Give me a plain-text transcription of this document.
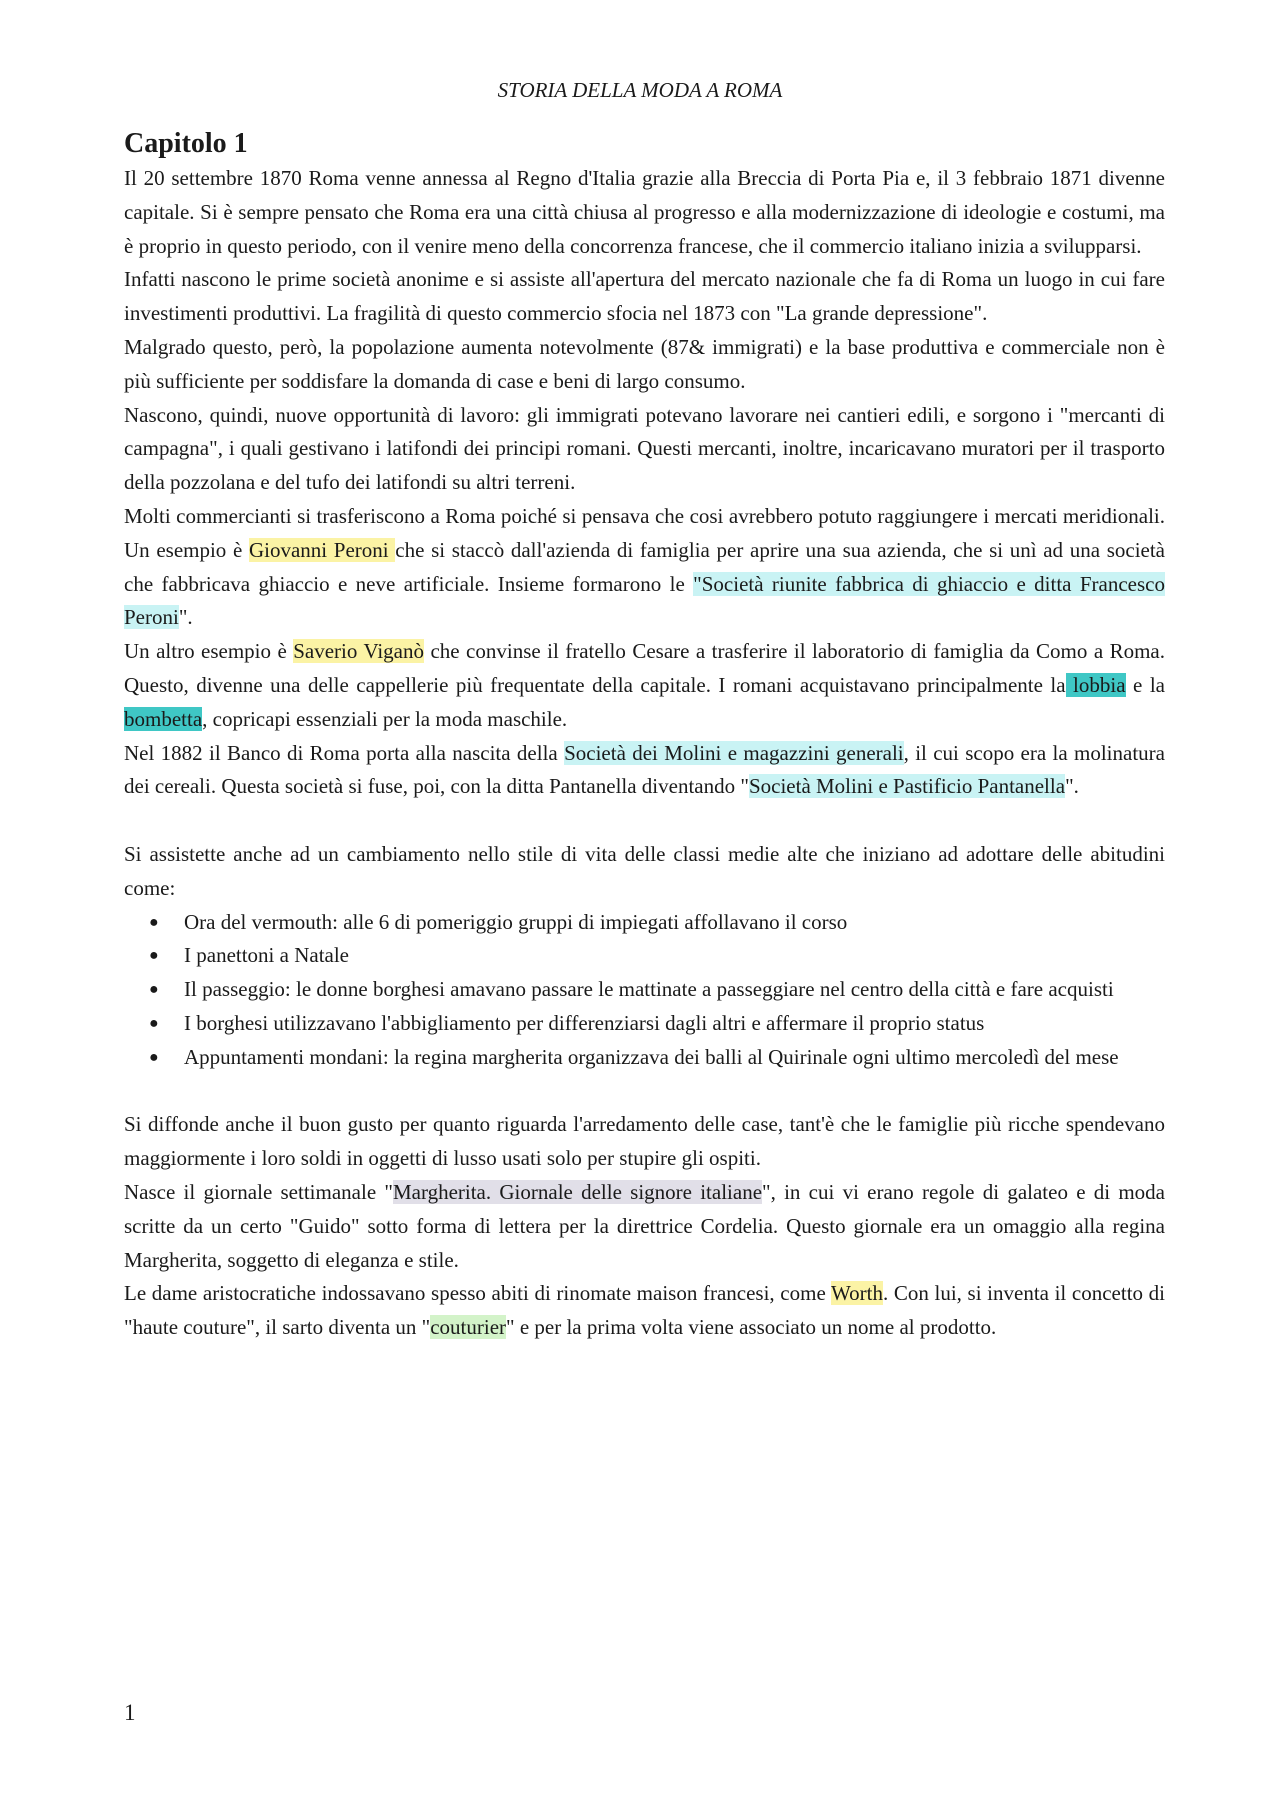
STORIA DELLA MODA A ROMA
Capitolo 1

Il 20 settembre 1870 Roma venne annessa al Regno d'Italia grazie alla Breccia di Porta Pia e, il 3 febbraio 1871 divenne capitale. Si è sempre pensato che Roma era una città chiusa al progresso e alla modernizzazione di ideologie e costumi, ma è proprio in questo periodo, con il venire meno della concorrenza francese, che il commercio italiano inizia a svilupparsi.

Infatti nascono le prime società anonime e si assiste all'apertura del mercato nazionale che fa di Roma un luogo in cui fare investimenti produttivi. La fragilità di questo commercio sfocia nel 1873 con "La grande depressione".

Malgrado questo, però, la popolazione aumenta notevolmente (87& immigrati) e la base produttiva e commerciale non è più sufficiente per soddisfare la domanda di case e beni di largo consumo.

Nascono, quindi, nuove opportunità di lavoro: gli immigrati potevano lavorare nei cantieri edili, e sorgono i "mercanti di campagna", i quali gestivano i latifondi dei principi romani. Questi mercanti, inoltre, incaricavano muratori per il trasporto della pozzolana e del tufo dei latifondi su altri terreni.

Molti commercianti si trasferiscono a Roma poiché si pensava che cosi avrebbero potuto raggiungere i mercati meridionali. Un esempio è Giovanni Peroni che si staccò dall'azienda di famiglia per aprire una sua azienda, che si unì ad una società che fabbricava ghiaccio e neve artificiale. Insieme formarono le "Società riunite fabbrica di ghiaccio e ditta Francesco Peroni".

Un altro esempio è Saverio Viganò che convinse il fratello Cesare a trasferire il laboratorio di famiglia da Como a Roma. Questo, divenne una delle cappellerie più frequentate della capitale. I romani acquistavano principalmente la lobbia e la bombetta, copricapi essenziali per la moda maschile.

Nel 1882 il Banco di Roma porta alla nascita della Società dei Molini e magazzini generali, il cui scopo era la molinatura dei cereali. Questa società si fuse, poi, con la ditta Pantanella diventando "Società Molini e Pastificio Pantanella".

Si assistette anche ad un cambiamento nello stile di vita delle classi medie alte che iniziano ad adottare delle abitudini come:

● Ora del vermouth: alle 6 di pomeriggio gruppi di impiegati affollavano il corso
● I panettoni a Natale
● Il passeggio: le donne borghesi amavano passare le mattinate a passeggiare nel centro della città e fare acquisti
● I borghesi utilizzavano l'abbigliamento per differenziarsi dagli altri e affermare il proprio status
● Appuntamenti mondani: la regina margherita organizzava dei balli al Quirinale ogni ultimo mercoledì del mese

Si diffonde anche il buon gusto per quanto riguarda l'arredamento delle case, tant'è che le famiglie più ricche spendevano maggiormente i loro soldi in oggetti di lusso usati solo per stupire gli ospiti.

Nasce il giornale settimanale "Margherita. Giornale delle signore italiane", in cui vi erano regole di galateo e di moda scritte da un certo "Guido" sotto forma di lettera per la direttrice Cordelia. Questo giornale era un omaggio alla regina Margherita, soggetto di eleganza e stile.

Le dame aristocratiche indossavano spesso abiti di rinomate maison francesi, come Worth. Con lui, si inventa il concetto di "haute couture", il sarto diventa un "couturier" e per la prima volta viene associato un nome al prodotto.

1
